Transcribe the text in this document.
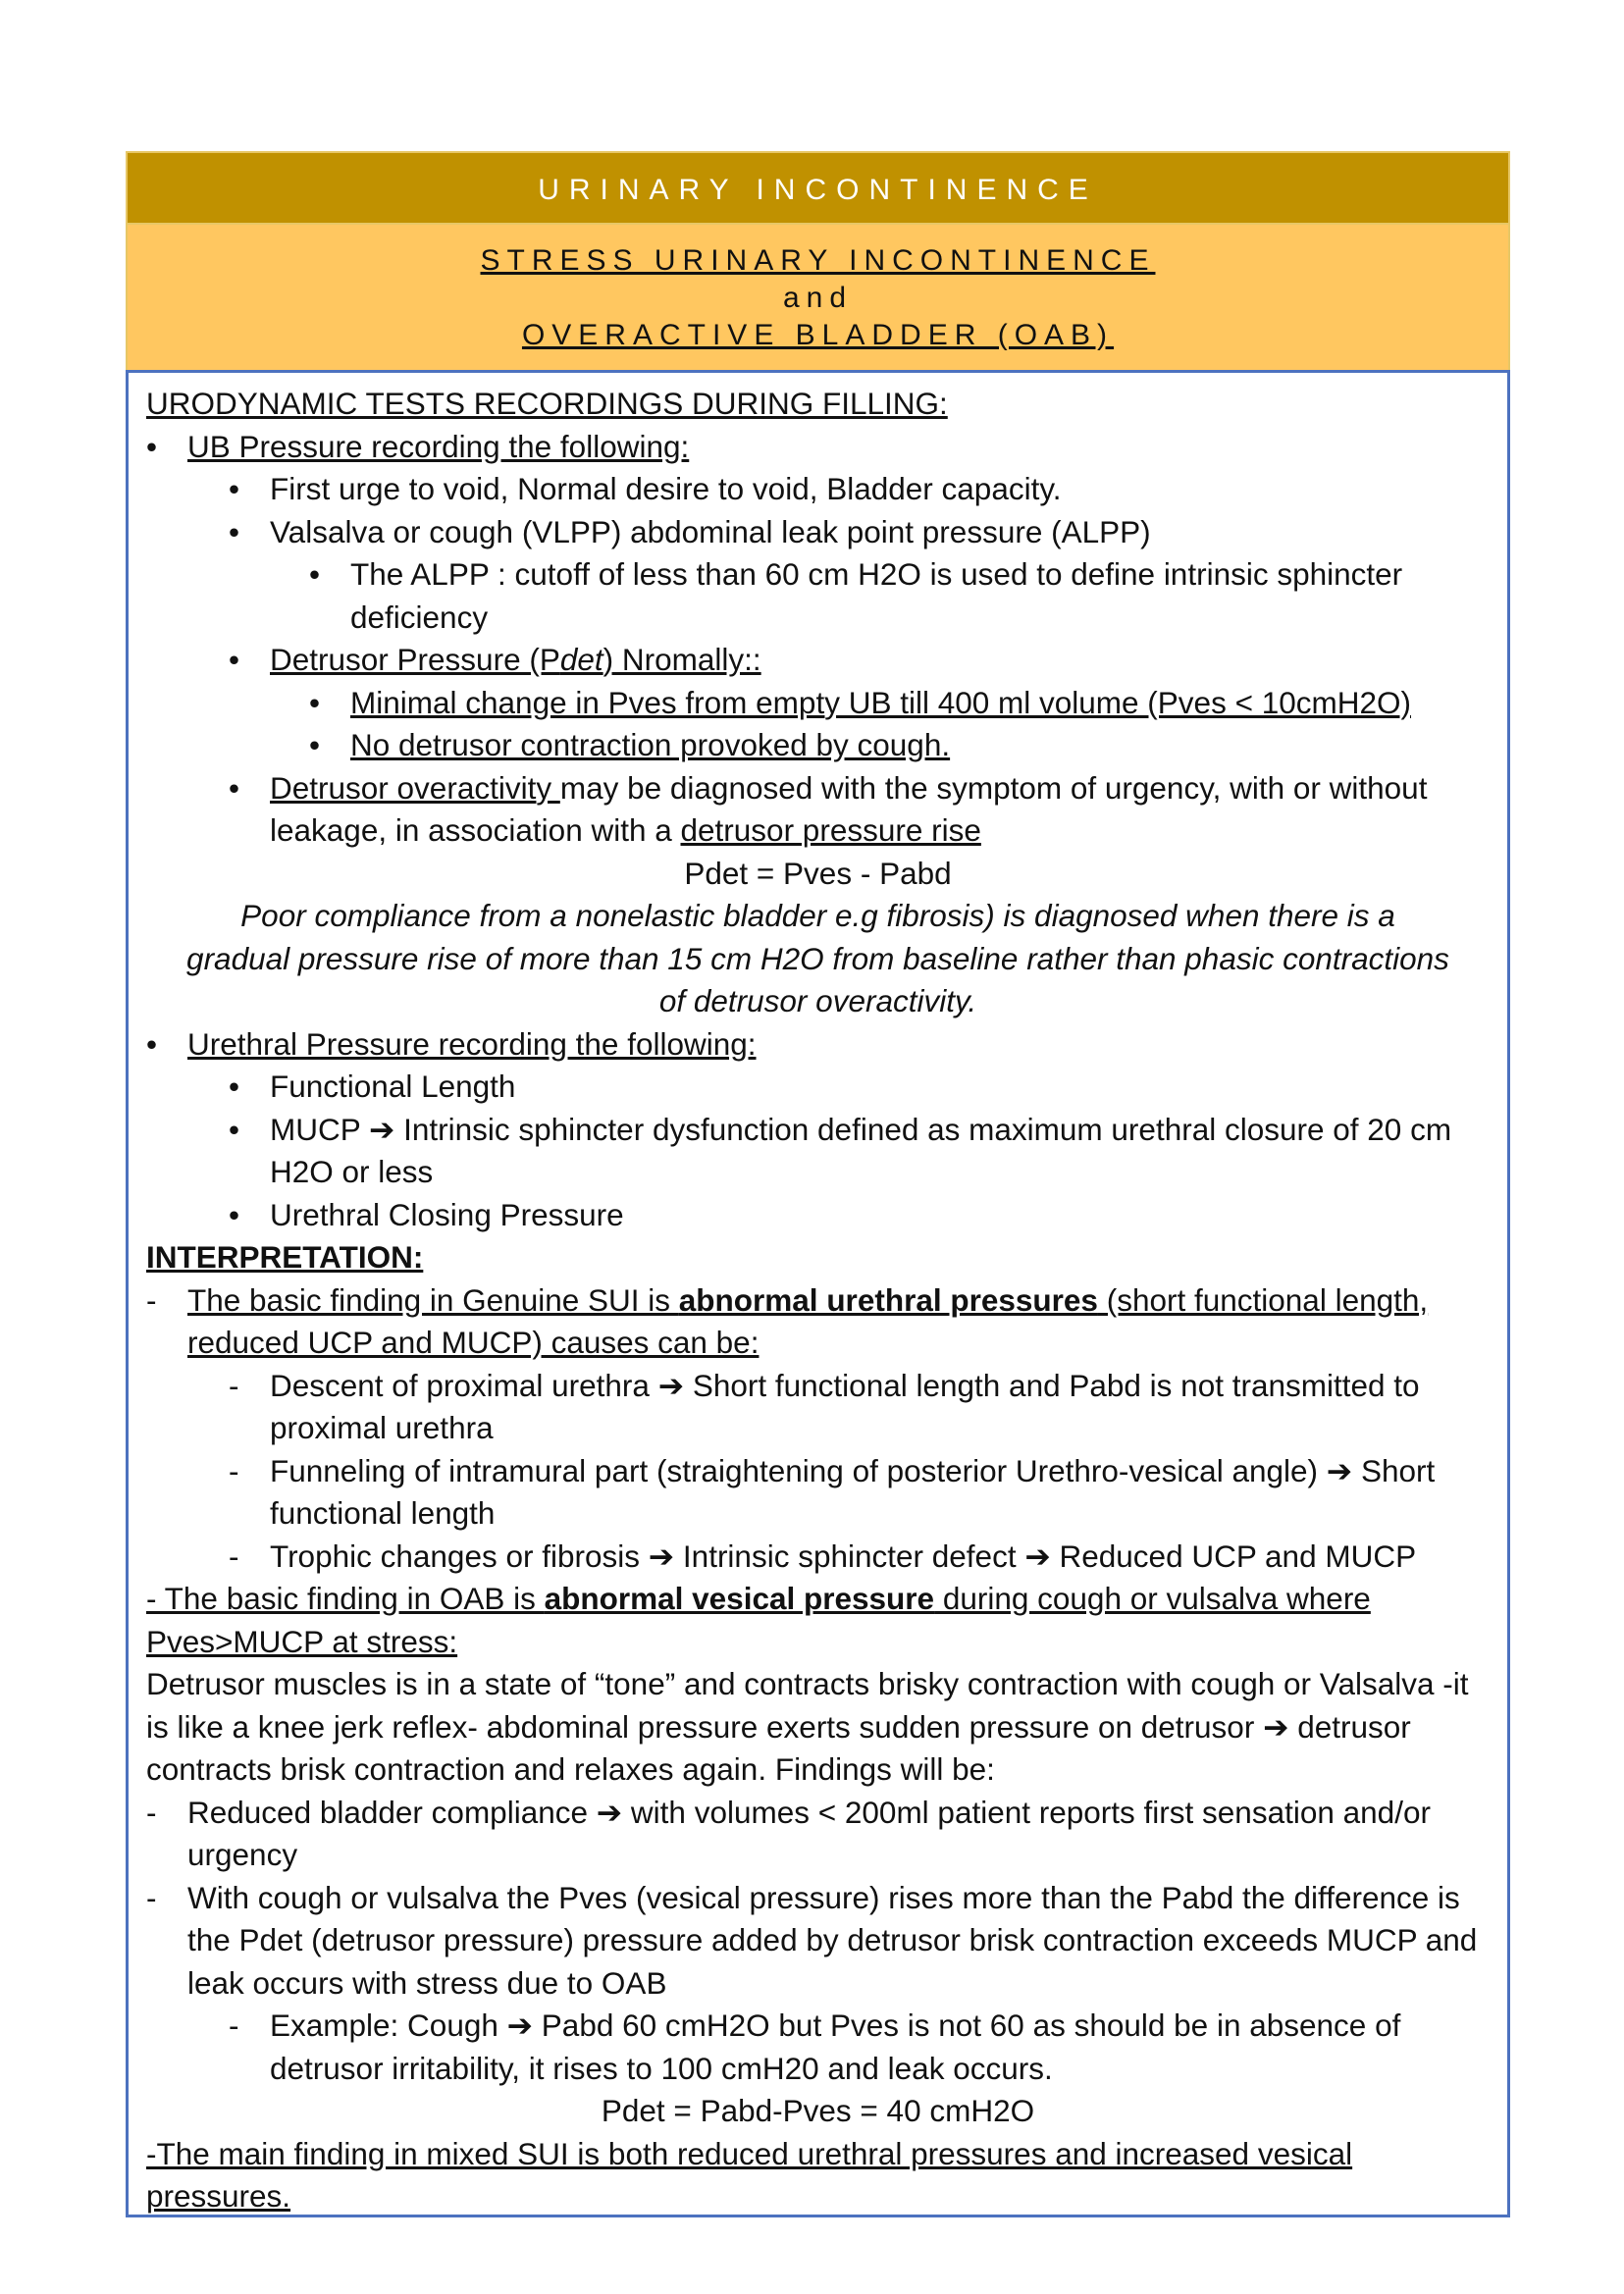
URINARY INCONTINENCE
STRESS URINARY INCONTINENCE
and
OVERACTIVE BLADDER (OAB)
URODYNAMIC TESTS RECORDINGS DURING FILLING:
• UB Pressure recording the following:
• First urge to void, Normal desire to void, Bladder capacity.
• Valsalva or cough (VLPP) abdominal leak point pressure (ALPP)
• The ALPP : cutoff of less than 60 cm H2O is used to define intrinsic sphincter deficiency
• Detrusor Pressure (Pdet) Nromally::
• Minimal change in Pves from empty UB till 400 ml volume (Pves < 10cmH2O)
• No detrusor contraction provoked by cough.
• Detrusor overactivity may be diagnosed with the symptom of urgency, with or without leakage, in association with a detrusor pressure rise
Pdet = Pves - Pabd
Poor compliance from a nonelastic bladder e.g fibrosis) is diagnosed when there is a gradual pressure rise of more than 15 cm H2O from baseline rather than phasic contractions of detrusor overactivity.
• Urethral Pressure recording the following:
• Functional Length
• MUCP ➔ Intrinsic sphincter dysfunction defined as maximum urethral closure of 20 cm H2O or less
• Urethral Closing Pressure
INTERPRETATION:
- The basic finding in Genuine SUI is abnormal urethral pressures (short functional length, reduced UCP and MUCP) causes can be:
- Descent of proximal urethra ➔ Short functional length and Pabd is not transmitted to proximal urethra
- Funneling of intramural part (straightening of posterior Urethro-vesical angle) ➔ Short functional length
- Trophic changes or fibrosis ➔ Intrinsic sphincter defect ➔ Reduced UCP and MUCP
- The basic finding in OAB is abnormal vesical pressure during cough or vulsalva where Pves>MUCP at stress:
Detrusor muscles is in a state of “tone” and contracts brisky contraction with cough or Valsalva -it is like a knee jerk reflex- abdominal pressure exerts sudden pressure on detrusor ➔ detrusor contracts brisk contraction and relaxes again. Findings will be:
- Reduced bladder compliance ➔ with volumes < 200ml patient reports first sensation and/or urgency
- With cough or vulsalva the Pves (vesical pressure) rises more than the Pabd the difference is the Pdet (detrusor pressure) pressure added by detrusor brisk contraction exceeds MUCP and leak occurs with stress due to OAB
- Example: Cough ➔ Pabd 60 cmH2O but Pves is not 60 as should be in absence of detrusor irritability, it rises to 100 cmH20 and leak occurs.
Pdet = Pabd-Pves = 40 cmH2O
-The main finding in mixed SUI is both reduced urethral pressures and increased vesical pressures.
